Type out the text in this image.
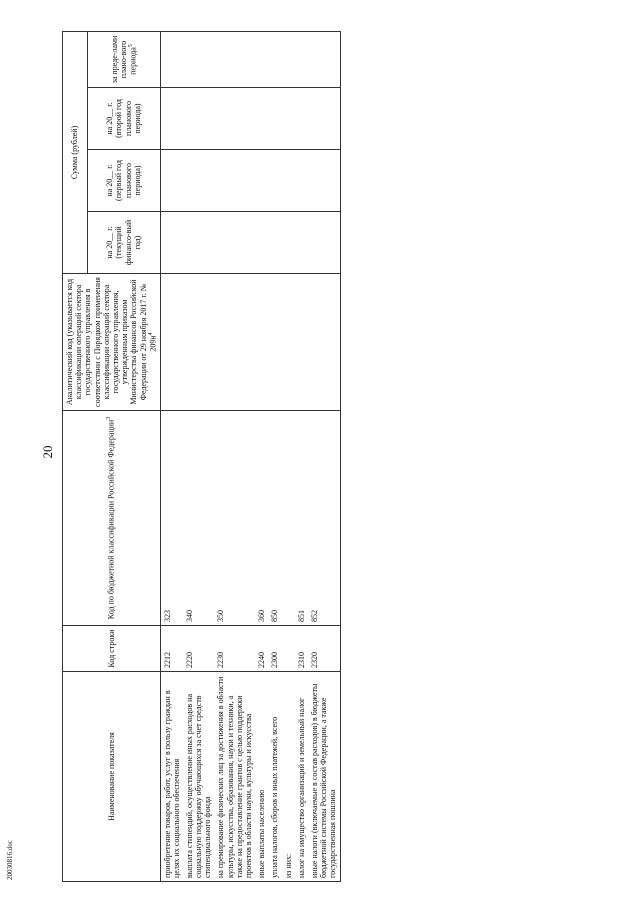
20
20030816.doc
Наименование показателя	Код строки	Код по бюджетной классификации Российской Федерации$^3$	Аналитический код (указывается код классификации операций сектора государственного управления в соответствии с Порядком применения классификации операций сектора государственного управления, утвержденным приказом Министерства финансов Российской Федерации от 29 ноября 2017 г. № $209н^4$	Сумма (рублей)			
				на 20__ г. (текущий финансо-вый год)	на 20__ г. (первый год планового периода)	на 20__ г. (второй год планового периода)	за преде-лами плано-вого периода$^5$
приобретение товаров, работ, услуг в пользу граждан в целях их социального обеспечения	2212	323					
выплата стипендий, осуществление иных расходов на социальную поддержку обучающихся за счет средств стипендиального фонда	2220	340					
на премирование физических лиц за достижения в области культуры, искусства, образования, науки и техники, а также на предоставление грантов с целью поддержки проектов в области науки, культуры и искусства	2230	350					
иные выплаты населению	2240	360					
уплата налогов, сборов и иных платежей, всего	2300	850					
из них:							
налог на имущество организаций и земельный налог	2310	851					
иные налоги (включаемые в состав расходов) в бюджеты бюджетной системы Российской Федерации, а также государственная пошлина	2320	852					
